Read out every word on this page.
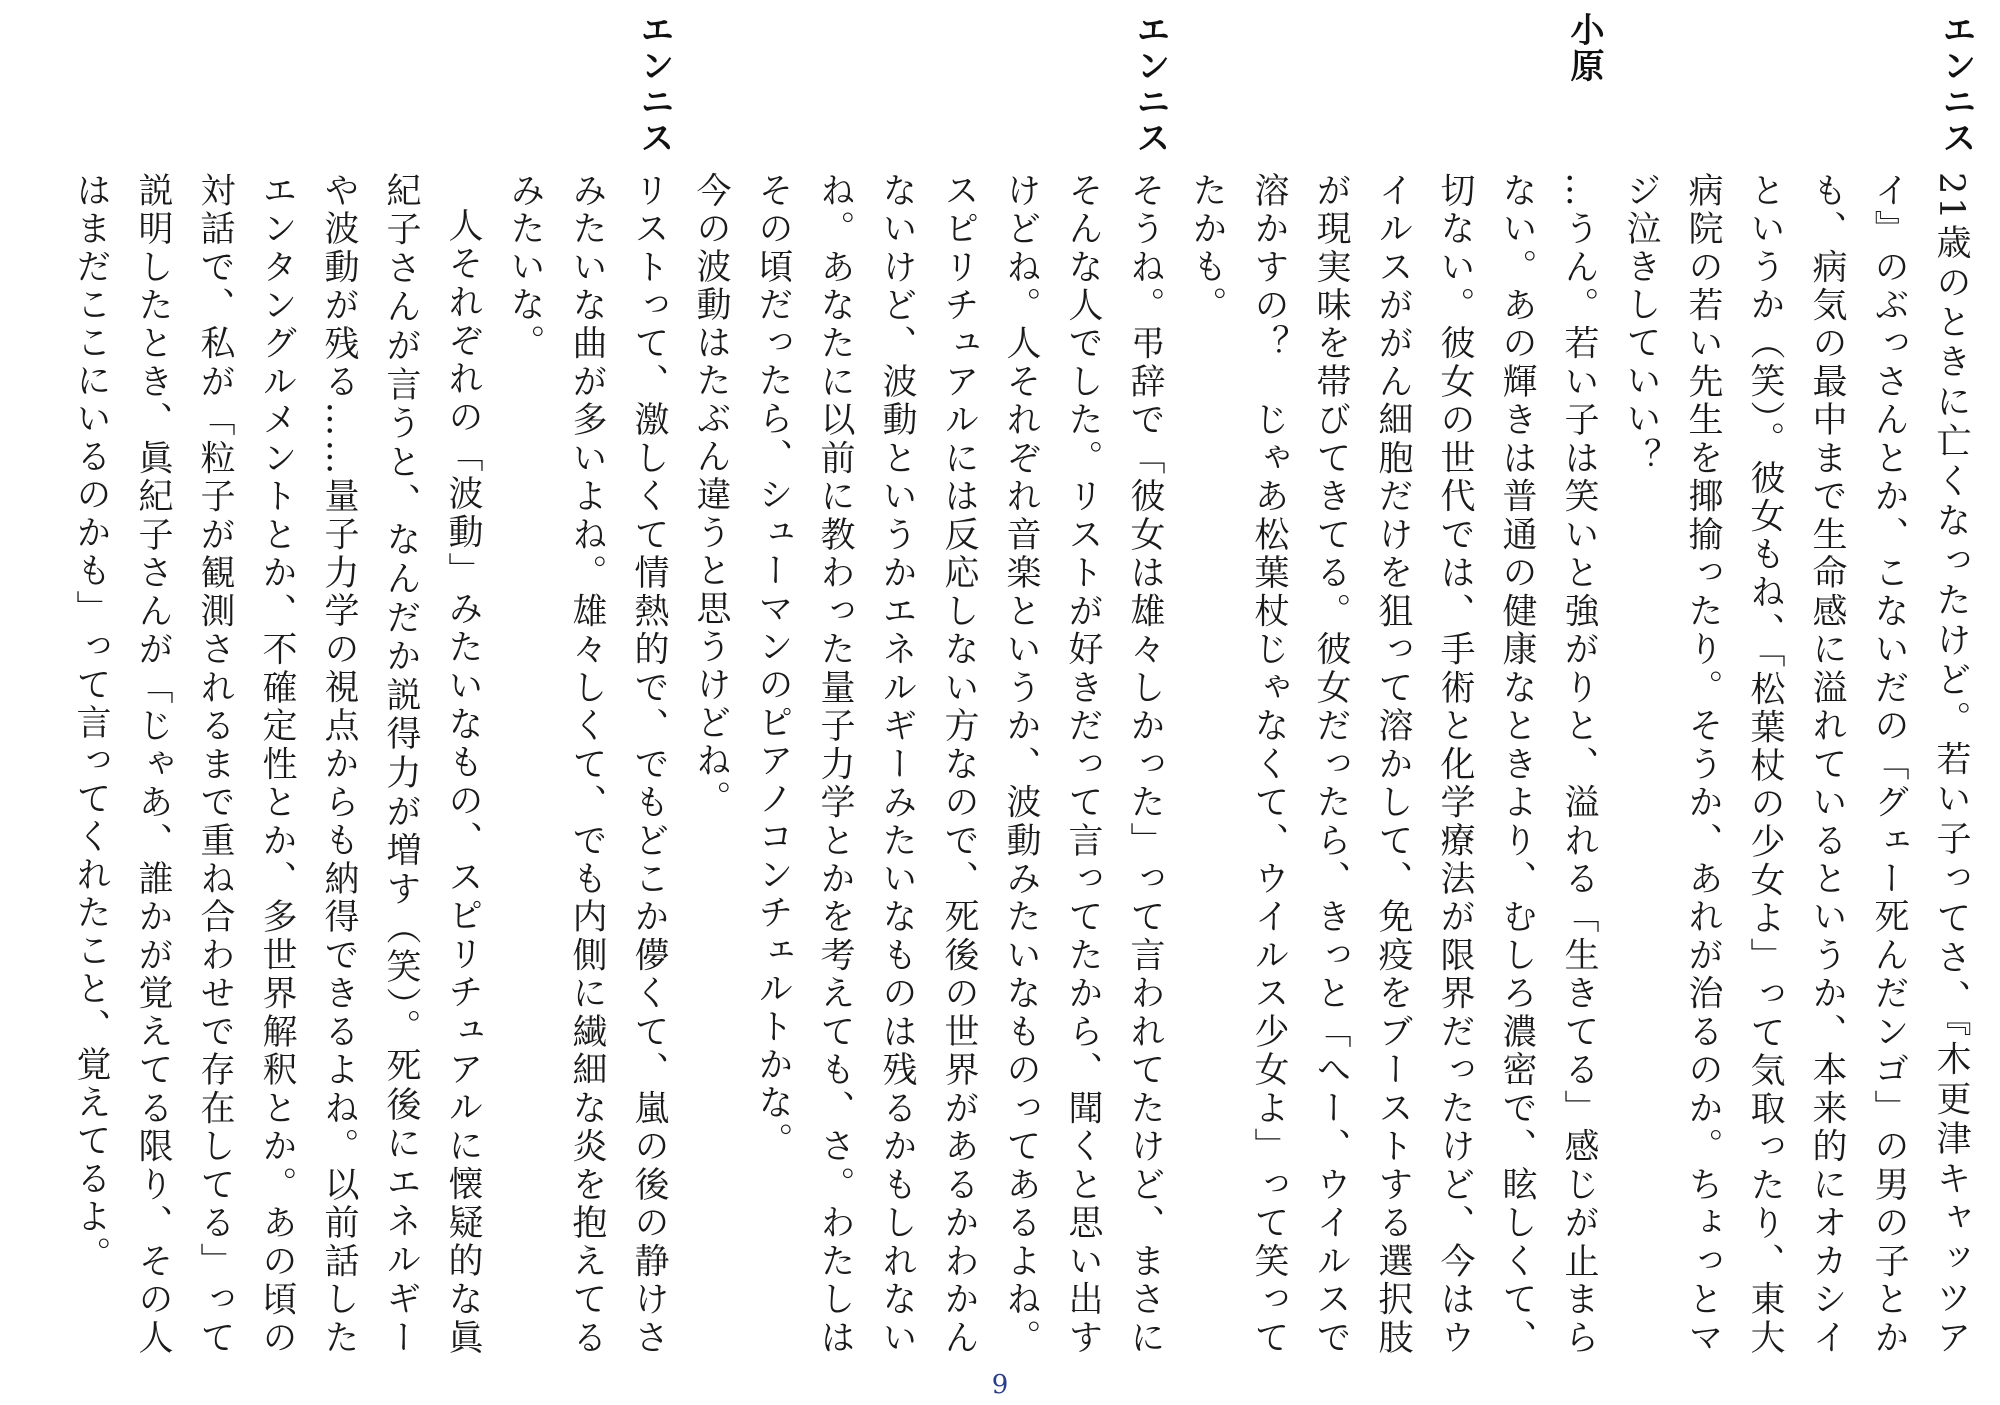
エンニス

21歳のときに亡くなったけど。若い子ってさ、『木更津キャッツアイ』のぶっさんとか、こないだの「グェー死んだンゴ」の男の子とかも、病気の最中まで生命感に溢れているというか、本来的にオカシイというか（笑）。彼女もね、「松葉杖の少女よ」って気取ったり、東大病院の若い先生を揶揄ったり。そうか、あれが治るのか。ちょっとマジ泣きしていい？

小原

…うん。若い子は笑いと強がりと、溢れる「生きてる」感じが止まらない。あの輝きは普通の健康なときより、むしろ濃密で、眩しくて、切ない。彼女の世代では、手術と化学療法が限界だったけど、今はウイルスががん細胞だけを狙って溶かして、免疫をブーストする選択肢が現実味を帯びてきてる。彼女だったら、きっと「へー、ウイルスで溶かすの？　じゃあ松葉杖じゃなくて、ウイルス少女よ」って笑ってたかも。

エンニス

そうね。弔辞で「彼女は雄々しかった」って言われてたけど、まさにそんな人でした。リストが好きだって言ってたから、聞くと思い出すけどね。人それぞれ音楽というか、波動みたいなものってあるよね。スピリチュアルには反応しない方なので、死後の世界があるかわかんないけど、波動というかエネルギーみたいなものは残るかもしれないね。あなたに以前に教わった量子力学とかを考えても、さ。わたしはその頃だったら、シューマンのピアノコンチェルトかな。

今の波動はたぶん違うと思うけどね。

エンニス

リストって、激しくて情熱的で、でもどこか儚くて、嵐の後の静けさみたいな曲が多いよね。雄々しくて、でも内側に繊細な炎を抱えてるみたいな。

人それぞれの「波動」みたいなもの、スピリチュアルに懐疑的な眞紀子さんが言うと、なんだか説得力が増す（笑）。死後にエネルギーや波動が残る……量子力学の視点からも納得できるよね。以前話したエンタングルメントとか、不確定性とか、多世界解釈とか。あの頃の対話で、私が「粒子が観測されるまで重ね合わせで存在してる」って説明したとき、眞紀子さんが「じゃあ、誰かが覚えてる限り、その人はまだここにいるのかも」って言ってくれたこと、覚えてるよ。

9
